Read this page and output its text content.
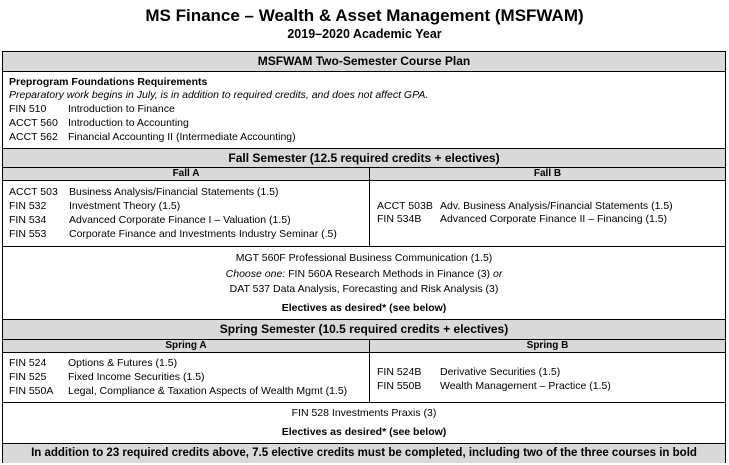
MS Finance – Wealth & Asset Management (MSFWAM)
2019–2020 Academic Year
MSFWAM Two-Semester Course Plan
Preprogram Foundations Requirements
Preparatory work begins in July, is in addition to required credits, and does not affect GPA.
FIN 510 Introduction to Finance
ACCT 560 Introduction to Accounting
ACCT 562 Financial Accounting II (Intermediate Accounting)
Fall Semester (12.5 required credits + electives)
Fall A	Fall B
ACCT 503 Business Analysis/Financial Statements (1.5)
FIN 532 Investment Theory (1.5)
FIN 534 Advanced Corporate Finance I – Valuation (1.5)
FIN 553 Corporate Finance and Investments Industry Seminar (.5)
ACCT 503B Adv. Business Analysis/Financial Statements (1.5)
FIN 534B Advanced Corporate Finance II – Financing (1.5)
MGT 560F Professional Business Communication (1.5)
Choose one: FIN 560A Research Methods in Finance (3) or
DAT 537 Data Analysis, Forecasting and Risk Analysis (3)
Electives as desired* (see below)
Spring Semester (10.5 required credits + electives)
Spring A	Spring B
FIN 524 Options & Futures (1.5)
FIN 525 Fixed Income Securities (1.5)
FIN 550A Legal, Compliance & Taxation Aspects of Wealth Mgmt (1.5)
FIN 524B Derivative Securities (1.5)
FIN 550B Wealth Management – Practice (1.5)
FIN 528 Investments Praxis (3)
Electives as desired* (see below)
In addition to 23 required credits above, 7.5 elective credits must be completed, including two of the three courses in bold
